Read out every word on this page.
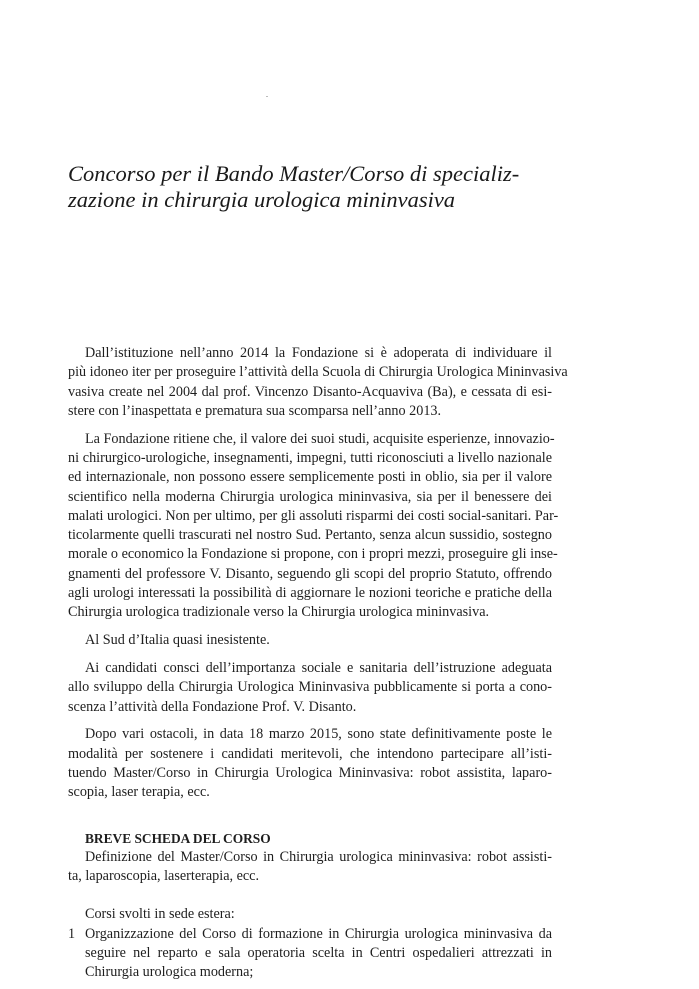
Concorso per il Bando Master/Corso di specializ-
zazione in chirurgia urologica mininvasiva
Dall’istituzione nell’anno 2014 la Fondazione si è adoperata di individuare il
più idoneo iter per proseguire l’attività della Scuola di Chirurgia Urologica Mininvasiva
vasiva create nel 2004 dal prof. Vincenzo Disanto-Acquaviva (Ba), e cessata di esi-
stere con l’inaspettata e prematura sua scomparsa nell’anno 2013.
La Fondazione ritiene che, il valore dei suoi studi, acquisite esperienze, innovazio-
ni chirurgico-urologiche, insegnamenti, impegni, tutti riconosciuti a livello nazionale
ed internazionale, non possono essere semplicemente posti in oblio, sia per il valore
scientifico nella moderna Chirurgia urologica mininvasiva, sia per il benessere dei
malati urologici. Non per ultimo, per gli assoluti risparmi dei costi social-sanitari. Par-
ticolarmente quelli trascurati nel nostro Sud. Pertanto, senza alcun sussidio, sostegno
morale o economico la Fondazione si propone, con i propri mezzi, proseguire gli inse-
gnamenti del professore V. Disanto, seguendo gli scopi del proprio Statuto, offrendo
agli urologi interessati la possibilità di aggiornare le nozioni teoriche e pratiche della
Chirurgia urologica tradizionale verso la Chirurgia urologica mininvasiva.
Al Sud d’Italia quasi inesistente.
Ai candidati consci dell’importanza sociale e sanitaria dell’istruzione adeguata
allo sviluppo della Chirurgia Urologica Mininvasiva pubblicamente si porta a cono-
scenza l’attività della Fondazione Prof. V. Disanto.
Dopo vari ostacoli, in data 18 marzo 2015, sono state definitivamente poste le
modalità per sostenere i candidati meritevoli, che intendono partecipare all’isti-
tuendo Master/Corso in Chirurgia Urologica Mininvasiva: robot assistita, laparo-
scopia, laser terapia, ecc.
BREVE SCHEDA DEL CORSO
Definizione del Master/Corso in Chirurgia urologica mininvasiva: robot assisti-
ta, laparoscopia, laserterapia, ecc.
Corsi svolti in sede estera:
1 Organizzazione del Corso di formazione in Chirurgia urologica mininvasiva da
seguire nel reparto e sala operatoria scelta in Centri ospedalieri attrezzati in
Chirurgia urologica moderna;
